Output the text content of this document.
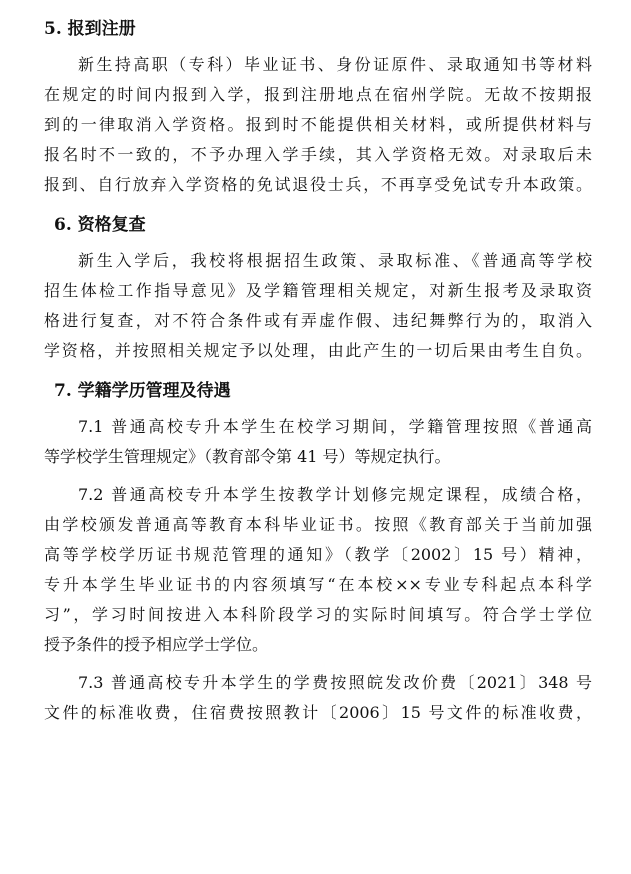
5. 报到注册

新生持高职（专科）毕业证书、身份证原件、录取通知书等材料
在规定的时间内报到入学，报到注册地点在宿州学院。无故不按期报
到的一律取消入学资格。报到时不能提供相关材料，或所提供材料与
报名时不一致的，不予办理入学手续，其入学资格无效。对录取后未
报到、自行放弃入学资格的免试退役士兵，不再享受免试专升本政策。

6. 资格复查

新生入学后，我校将根据招生政策、录取标准、《普通高等学校
招生体检工作指导意见》及学籍管理相关规定，对新生报考及录取资
格进行复查，对不符合条件或有弄虚作假、违纪舞弊行为的，取消入
学资格，并按照相关规定予以处理，由此产生的一切后果由考生自负。

7. 学籍学历管理及待遇

7.1 普通高校专升本学生在校学习期间，学籍管理按照《普通高
等学校学生管理规定》（教育部令第 41 号）等规定执行。

7.2 普通高校专升本学生按教学计划修完规定课程，成绩合格，
由学校颁发普通高等教育本科毕业证书。按照《教育部关于当前加强
高等学校学历证书规范管理的通知》（教学〔2002〕15 号）精神，
专升本学生毕业证书的内容须填写“在本校××专业专科起点本科学
习”，学习时间按进入本科阶段学习的实际时间填写。符合学士学位
授予条件的授予相应学士学位。

7.3 普通高校专升本学生的学费按照皖发改价费〔2021〕348 号
文件的标准收费，住宿费按照教计〔2006〕15 号文件的标准收费，
